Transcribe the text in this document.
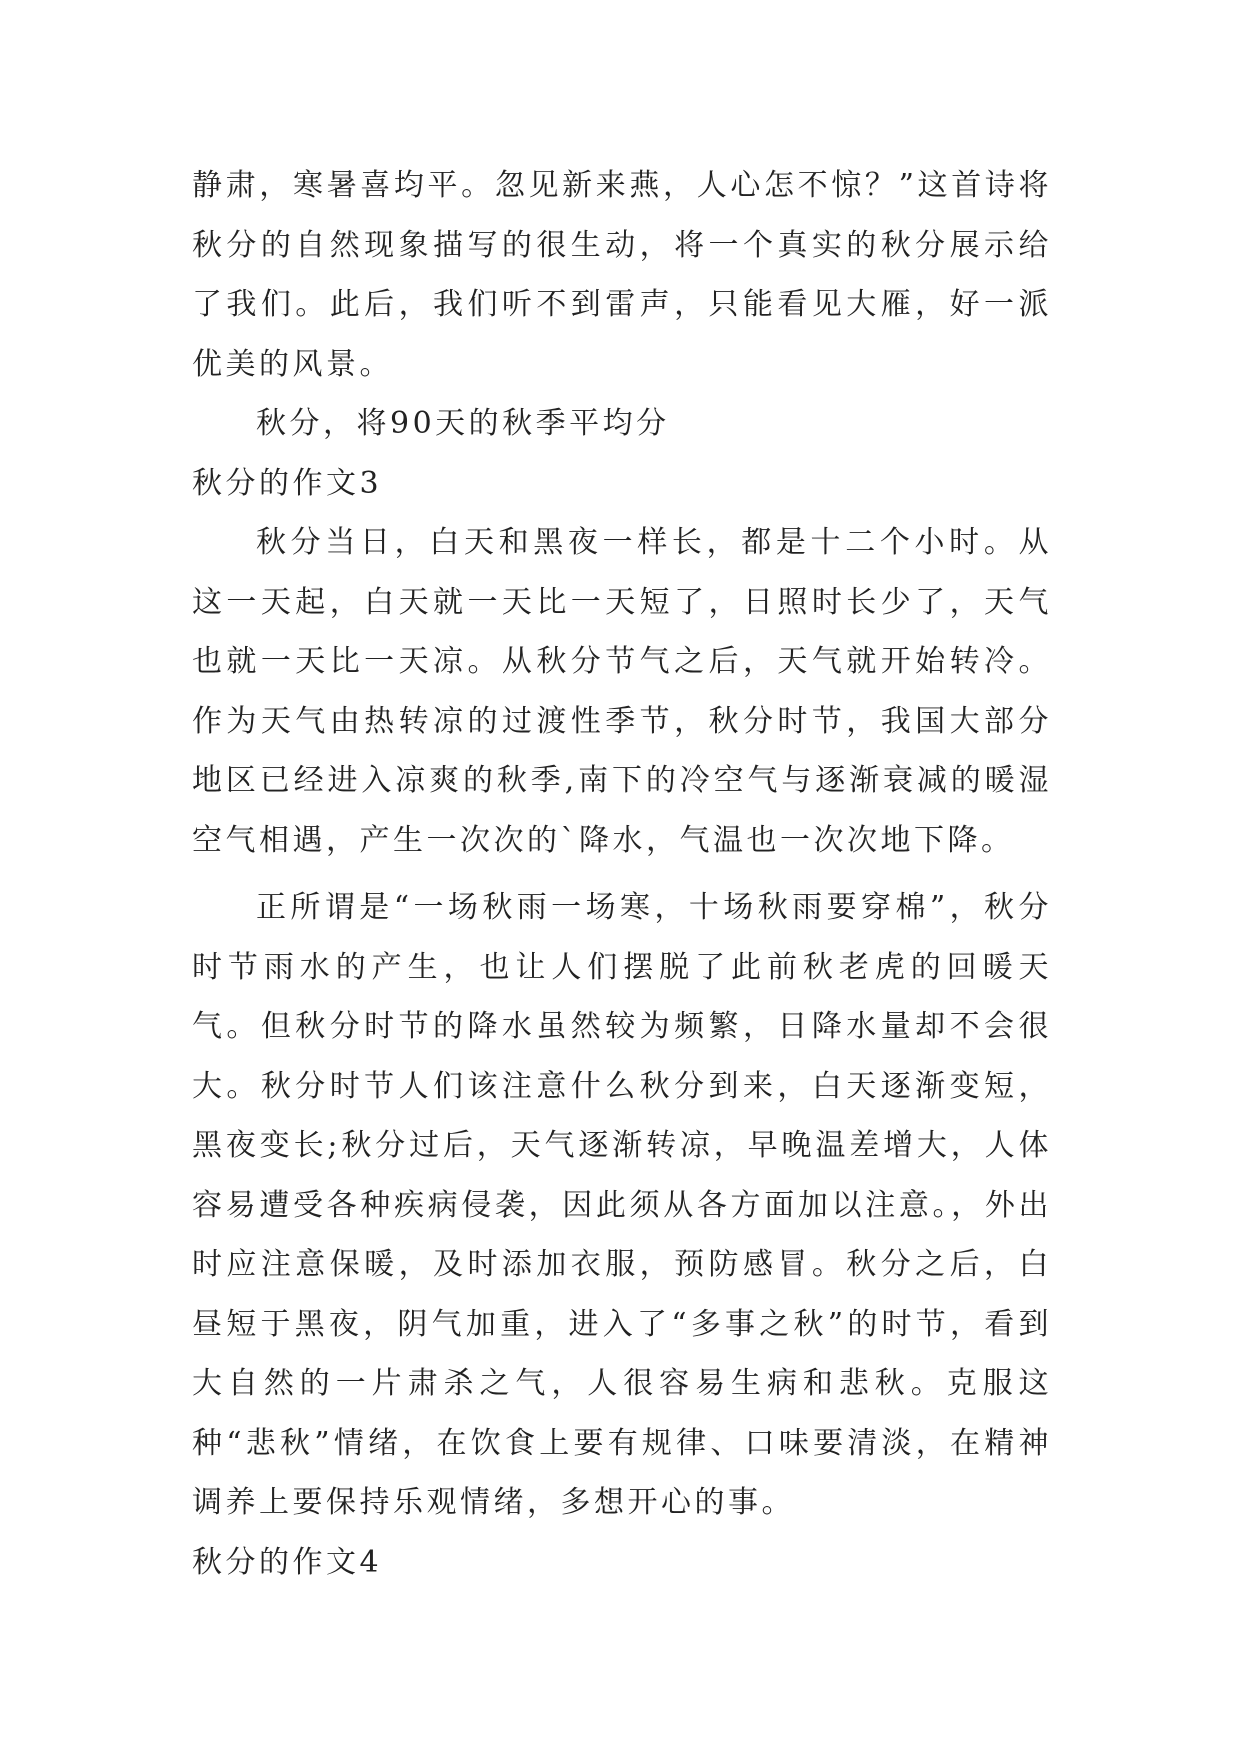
静肃，寒暑喜均平。忽见新来燕，人心怎不惊？”这首诗将秋分的自然现象描写的很生动，将一个真实的秋分展示给了我们。此后，我们听不到雷声，只能看见大雁，好一派优美的风景。

秋分，将90天的秋季平均分

秋分的作文3

秋分当日，白天和黑夜一样长，都是十二个小时。从这一天起，白天就一天比一天短了，日照时长少了，天气也就一天比一天凉。从秋分节气之后，天气就开始转冷。作为天气由热转凉的过渡性季节，秋分时节，我国大部分地区已经进入凉爽的秋季,南下的冷空气与逐渐衰减的暖湿空气相遇，产生一次次的`降水，气温也一次次地下降。

正所谓是“一场秋雨一场寒，十场秋雨要穿棉”，秋分时节雨水的产生，也让人们摆脱了此前秋老虎的回暖天气。但秋分时节的降水虽然较为频繁，日降水量却不会很大。秋分时节人们该注意什么秋分到来，白天逐渐变短，黑夜变长;秋分过后，天气逐渐转凉，早晚温差增大，人体容易遭受各种疾病侵袭，因此须从各方面加以注意。，外出时应注意保暖，及时添加衣服，预防感冒。秋分之后，白昼短于黑夜，阴气加重，进入了“多事之秋”的时节，看到大自然的一片肃杀之气，人很容易生病和悲秋。克服这种“悲秋”情绪，在饮食上要有规律、口味要清淡，在精神调养上要保持乐观情绪，多想开心的事。

秋分的作文4
